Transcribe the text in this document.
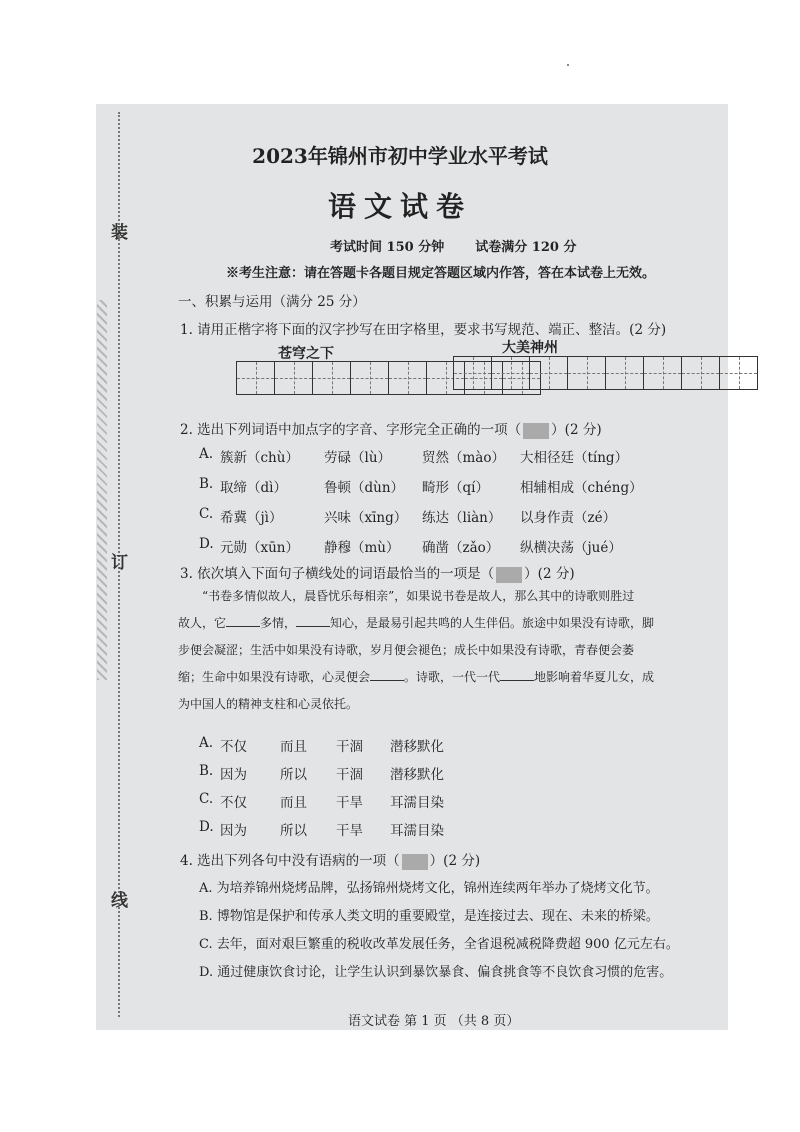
装
订
线
2023年锦州市初中学业水平考试
语文试卷
考试时间 150 分钟 试卷满分 120 分
※考生注意：请在答题卡各题目规定答题区域内作答，答在本试卷上无效。
一、积累与运用（满分 25 分）
1. 请用正楷字将下面的汉字抄写在田字格里，要求书写规范、端正、整洁。(2 分)
苍穹之下	大美神州
2. 选出下列词语中加点字的字音、字形完全正确的一项（ ）(2 分)
A. 簇新（chù） 劳碌（lù） 贸然（mào） 大相径廷（tíng）
B. 取缔（dì）	鲁顿（dùn） 畸形（qí） 相辅相成（chéng）
C. 希冀（jì）	兴味（xīng） 练达（liàn） 以身作责（zé）
D. 元勋（xūn） 静穆（mù） 确凿（zǎo） 纵横决荡（jué）
3. 依次填入下面句子横线处的词语最恰当的一项是（ ）(2 分)
“书卷多情似故人，晨昏忧乐每相亲”，如果说书卷是故人，那么其中的诗歌则胜过
故人，它	多情，	知心，是最易引起共鸣的人生伴侣。旅途中如果没有诗歌，脚
步便会凝涩；生活中如果没有诗歌，岁月便会褪色；成长中如果没有诗歌，青春便会萎
缩；生命中如果没有诗歌，心灵便会	。诗歌，一代一代	地影响着华夏儿女，成
为中国人的精神支柱和心灵依托。
A. 不仅 而且 干涸 潜移默化
B. 因为 所以 干涸 潜移默化
C. 不仅 而且 干旱 耳濡目染
D. 因为 所以 干旱 耳濡目染
4. 选出下列各句中没有语病的一项（ ）(2 分)
A. 为培养锦州烧烤品牌，弘扬锦州烧烤文化，锦州连续两年举办了烧烤文化节。
B. 博物馆是保护和传承人类文明的重要殿堂，是连接过去、现在、未来的桥梁。
C. 去年，面对艰巨繁重的税收改革发展任务，全省退税减税降费超 900 亿元左右。
D. 通过健康饮食讨论，让学生认识到暴饮暴食、偏食挑食等不良饮食习惯的危害。
语文试卷 第 1 页 （共 8 页）
